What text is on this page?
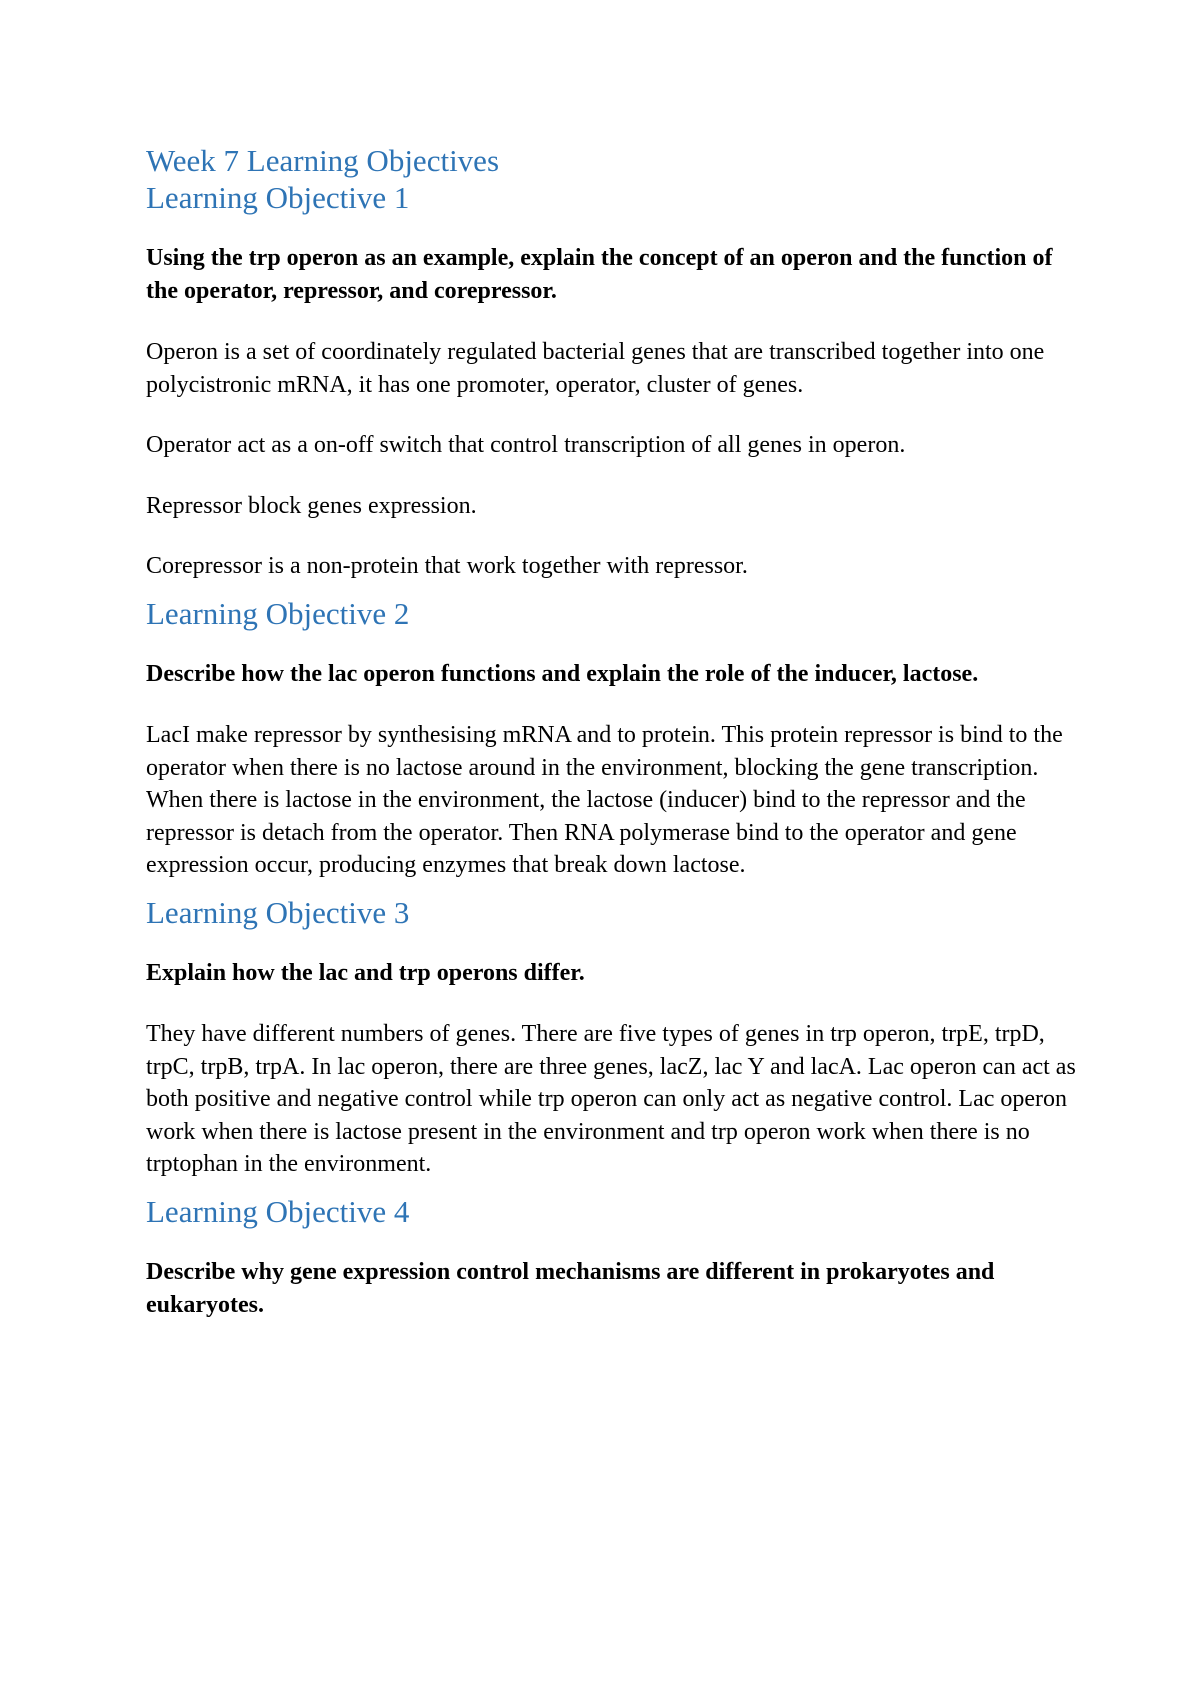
Week 7 Learning Objectives
Learning Objective 1

Using the trp operon as an example, explain the concept of an operon and the function of the operator, repressor, and corepressor.

Operon is a set of coordinately regulated bacterial genes that are transcribed together into one polycistronic mRNA, it has one promoter, operator, cluster of genes.

Operator act as a on-off switch that control transcription of all genes in operon.

Repressor block genes expression.

Corepressor is a non-protein that work together with repressor.

Learning Objective 2

Describe how the lac operon functions and explain the role of the inducer, lactose.

LacI make repressor by synthesising mRNA and to protein. This protein repressor is bind to the operator when there is no lactose around in the environment, blocking the gene transcription. When there is lactose in the environment, the lactose (inducer) bind to the repressor and the repressor is detach from the operator. Then RNA polymerase bind to the operator and gene expression occur, producing enzymes that break down lactose.

Learning Objective 3

Explain how the lac and trp operons differ.

They have different numbers of genes. There are five types of genes in trp operon, trpE, trpD, trpC, trpB, trpA. In lac operon, there are three genes, lacZ, lac Y and lacA. Lac operon can act as both positive and negative control while trp operon can only act as negative control. Lac operon work when there is lactose present in the environment and trp operon work when there is no trptophan in the environment.

Learning Objective 4

Describe why gene expression control mechanisms are different in prokaryotes and eukaryotes.
